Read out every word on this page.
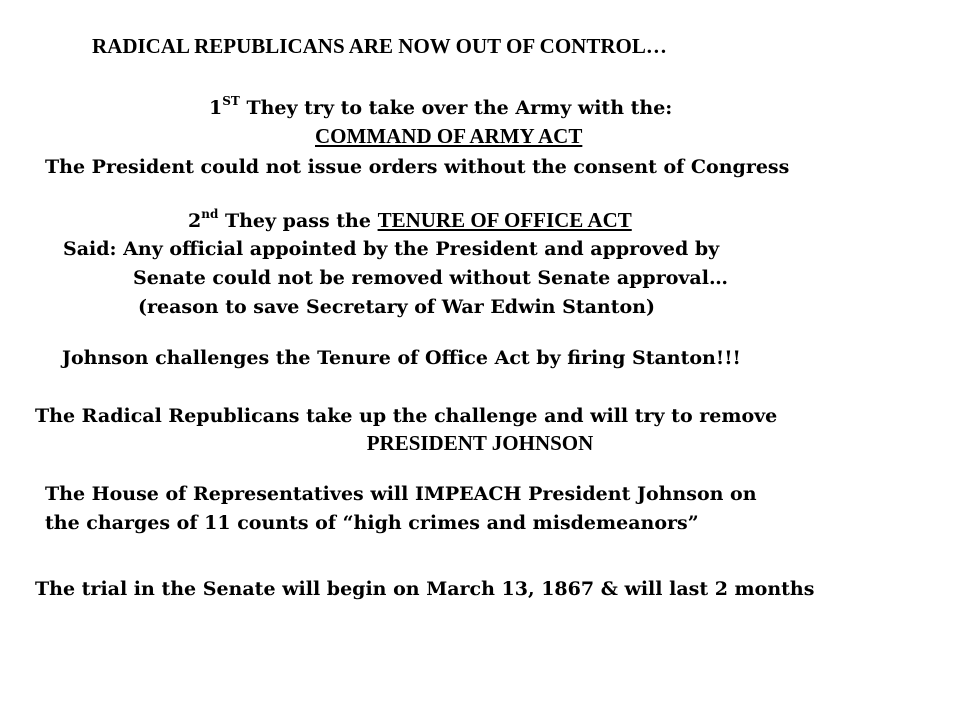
RADICAL REPUBLICANS ARE NOW OUT OF CONTROL…
1ST They try to take over the Army with the:
COMMAND OF ARMY ACT
The President could not issue orders without the consent of Congress
2nd They pass the TENURE OF OFFICE ACT
Said: Any official appointed by the President and approved by
Senate could not be removed without Senate approval…
(reason to save Secretary of War Edwin Stanton)
Johnson challenges the Tenure of Office Act by firing Stanton!!!
The Radical Republicans take up the challenge and will try to remove
PRESIDENT JOHNSON
The House of Representatives will IMPEACH President Johnson on
the charges of 11 counts of “high crimes and misdemeanors”
The trial in the Senate will begin on March 13, 1867 & will last 2 months
